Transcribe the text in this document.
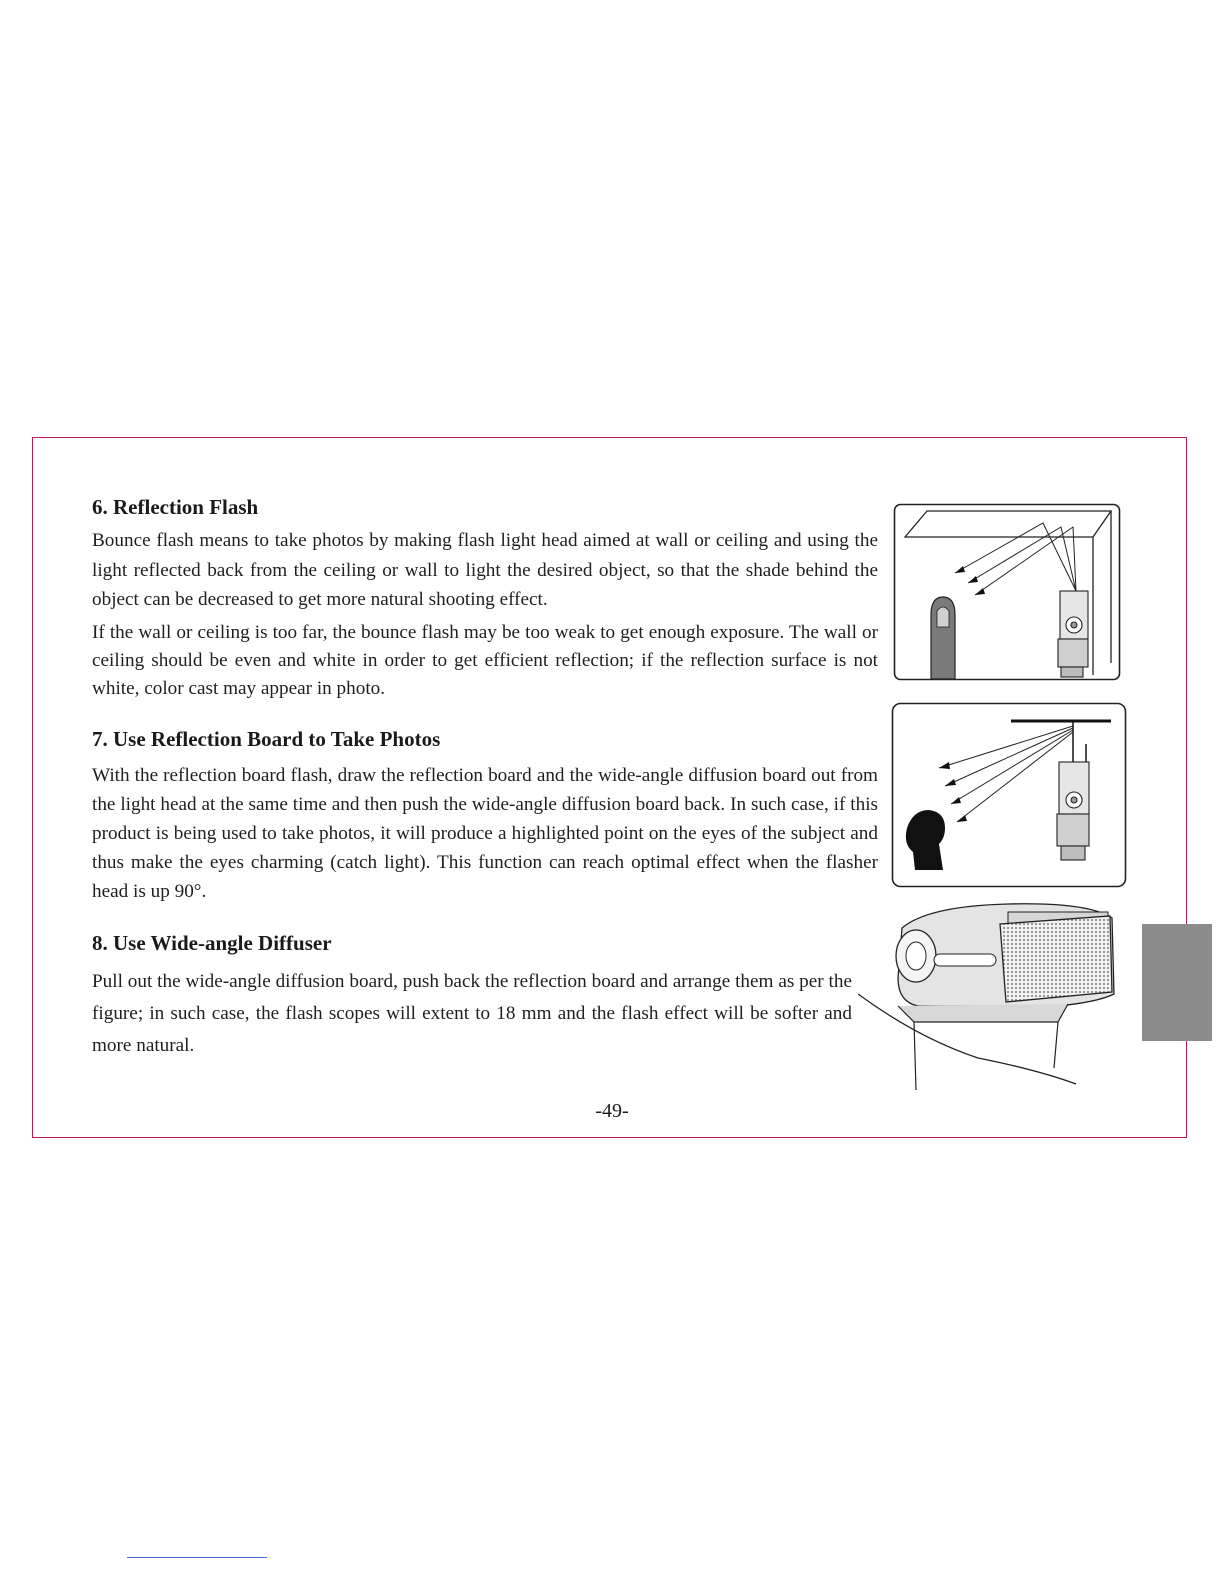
6. Reflection Flash

Bounce flash means to take photos by making flash light head aimed at wall or ceiling and using the light reflected back from the ceiling or wall to light the desired object, so that the shade behind the object can be decreased to get more natural shooting effect.

If the wall or ceiling is too far, the bounce flash may be too weak to get enough exposure. The wall or ceiling should be even and white in order to get efficient reflection; if the reflection surface is not white, color cast may appear in photo.

7. Use Reflection Board to Take Photos

With the reflection board flash, draw the reflection board and the wide-angle diffusion board out from the light head at the same time and then push the wide-angle diffusion board back. In such case, if this product is being used to take photos, it will produce a highlighted point on the eyes of the subject and thus make the eyes charming (catch light). This function can reach optimal effect when the flasher head is up 90°.

8. Use Wide-angle Diffuser

Pull out the wide-angle diffusion board, push back the reflection board and arrange them as per the figure; in such case, the flash scopes will extent to 18 mm and the flash effect will be softer and more natural.

-49-
